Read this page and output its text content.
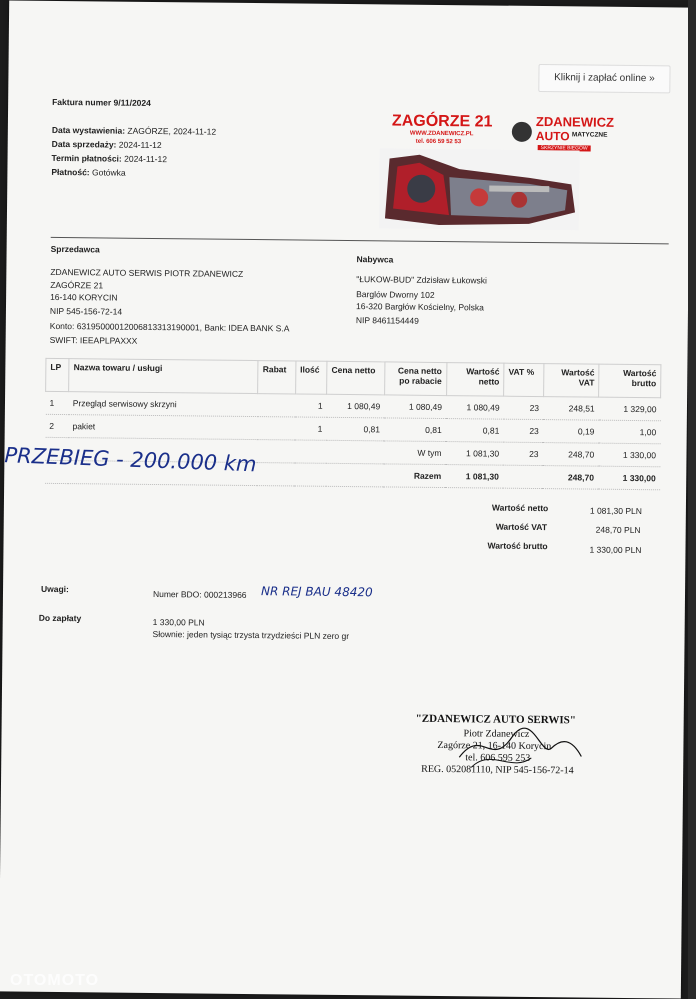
Faktura numer 9/11/2024
Data wystawienia: ZAGÓRZE, 2024-11-12
Data sprzedaży: 2024-11-12
Termin płatności: 2024-11-12
Płatność: Gotówka
Kliknij i zapłać online »
ZAGÓRZE 21
WWW.ZDANEWICZ.PL
tel. 606 59 52 53
ZDANEWICZ
AUTO MATYCZNE
SKRZYNIE BIEGÓW
Sprzedawca
ZDANEWICZ AUTO SERWIS PIOTR ZDANEWICZ
ZAGÓRZE 21
16-140 KORYCIN
NIP 545-156-72-14
Konto: 63195000012006813313190001, Bank: IDEA BANK S.A
SWIFT: IEEAPLPAXXX
Nabywca
"ŁUKOW-BUD" Zdzisław Łukowski
Barglów Dworny 102
16-320 Bargłów Kościelny, Polska
NIP 8461154449
LP	Nazwa towaru / usługi	Rabat	Ilość	Cena netto	Cena netto po rabacie	Wartość netto	VAT %	Wartość VAT	Wartość brutto
1	Przegląd serwisowy skrzyni		1	1 080,49	1 080,49	1 080,49	23	248,51	1 329,00
2	pakiet		1	0,81	0,81	0,81	23	0,19	1,00
					W tym	1 081,30	23	248,70	1 330,00
					Razem	1 081,30		248,70	1 330,00
PRZEBIEG - 200.000 km
Wartość netto	1 081,30 PLN
Wartość VAT	248,70 PLN
Wartość brutto	1 330,00 PLN
Uwagi:
Numer BDO: 000213966 NR REJ BAU 48420
Do zapłaty	1 330,00 PLN
Słownie: jeden tysiąc trzysta trzydzieści PLN zero gr
"ZDANEWICZ AUTO SERWIS"
Piotr Zdanewicz
Zagórze 21, 16-140 Korycin
tel. 606 595 253
REG. 052081110, NIP 545-156-72-14
OTOMOTO
